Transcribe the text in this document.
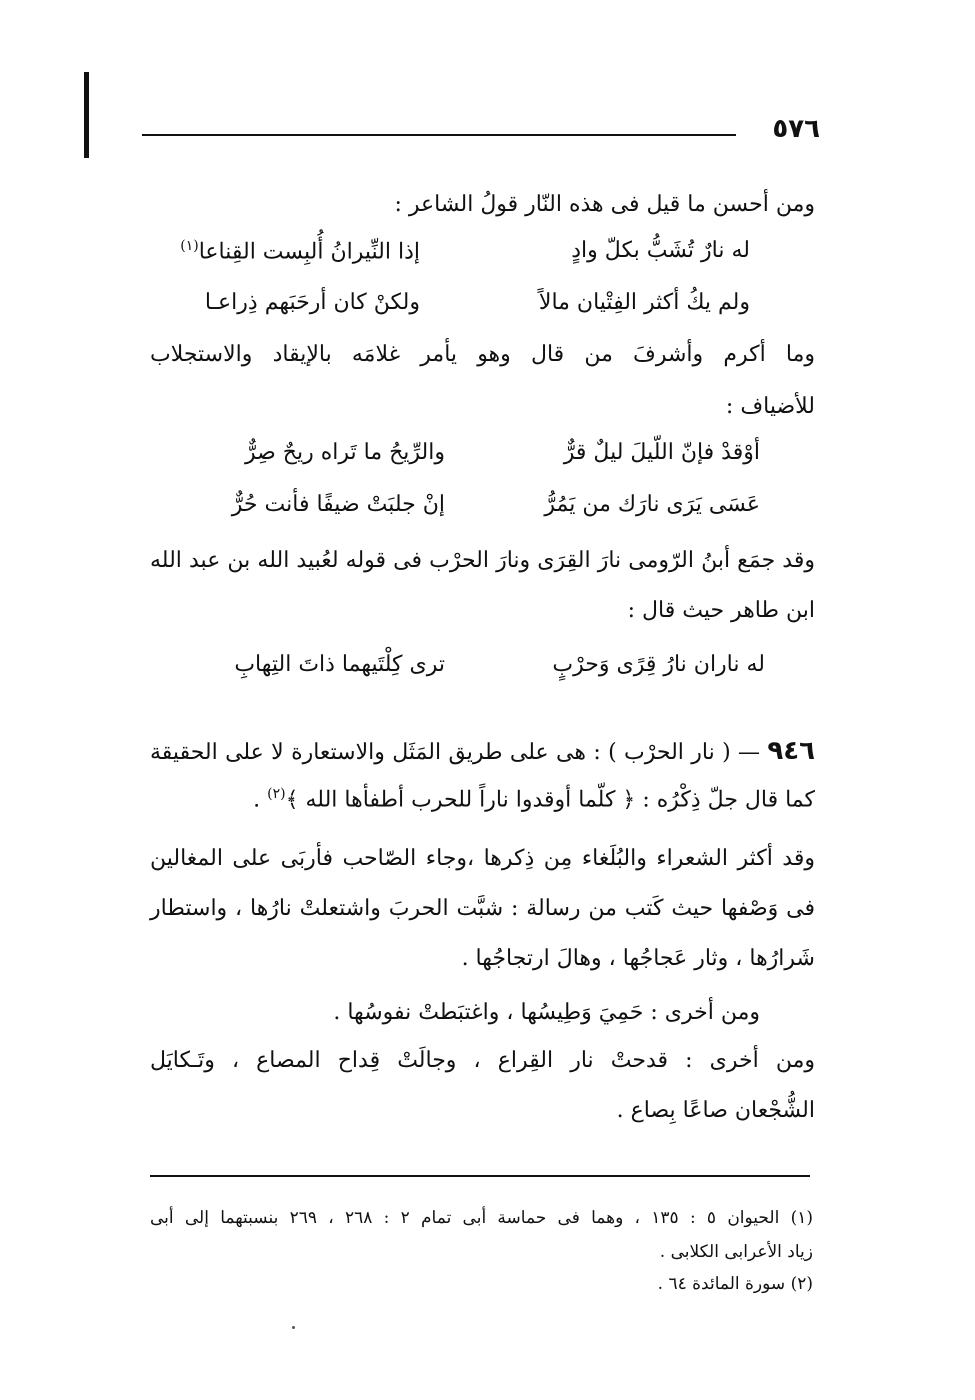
٥٧٦
ومن أحسن ما قيل فى هذه النّار قولُ الشاعر :
له نارٌ تُشَبُّ بكلّ وادٍ
إذا النِّيرانُ أُلبِست القِناعا$^{(١)}$
ولم يكُ أكثر الفِتْيان مالاً
ولكنْ كان أرحَبَهم ذِراعـا
وما أكرم وأشرفَ من قال وهو يأمر غلامَه بالإيقاد والاستجلاب
للأضياف :
أوْقدْ فإنّ اللّيلَ ليلٌ قرٌّ
والرِّيحُ ما تَراه ريحٌ صِرٌّ
عَسَى يَرَى نارَك من يَمُرُّ
إنْ جلبَتْ ضيفًا فأنت حُرٌّ
وقد جمَع أبنُ الرّومى نارَ القِرَى ونارَ الحرْب فى قوله لعُبيد الله بن عبد الله
ابن طاهر حيث قال :
له ناران نارُ قِرًى وَحرْبٍ
ترى كِلْتَيهما ذاتَ التِهابِ
٩٤٦ — ( نار الحرْب ) : هى على طريق المَثَل والاستعارة لا على الحقيقة
كما قال جلّ ذِكْرُه : ﴿ كلّما أوقدوا ناراً للحرب أطفأها الله ﴾$^{(٢)}$ .
وقد أكثر الشعراء والبُلَغاء مِن ذِكرها ،وجاء الصّاحب فأربَى على المغالين
فى وَصْفها حيث كَتب من رسالة : شبَّت الحربَ واشتعلتْ نارُها ، واستطار
شَرارُها ، وثار عَجاجُها ، وهالَ ارتجاجُها .
ومن أخرى : حَمِيَ وَطِيسُها ، واغتبَطتْ نفوسُها .
ومن أخرى : قدحتْ نار القِراع ، وجالَتْ قِداح المصاع ، وتَـكايَل
الشُّجْعان صاعًا بِصاع .
(١) الحيوان ٥ : ١٣٥ ، وهما فى حماسة أبى تمام ٢ : ٢٦٨ ، ٢٦٩ بنسبتهما إلى أبى
زياد الأعرابى الكلابى .
(٢) سورة المائدة ٦٤ .
